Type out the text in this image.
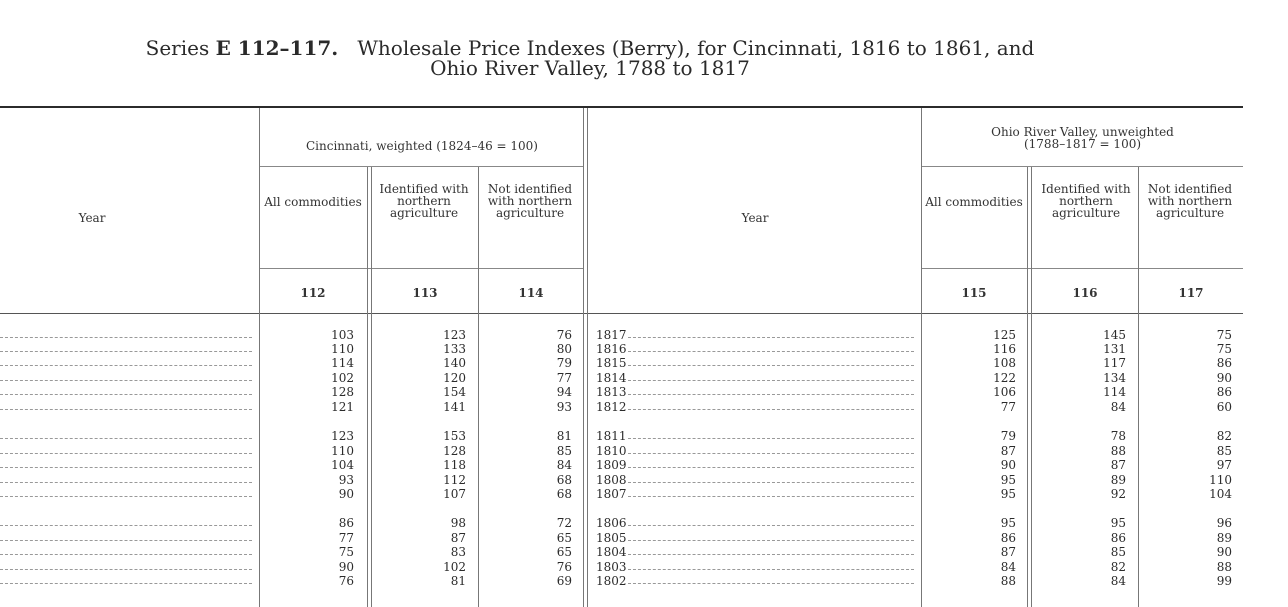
Series E 112–117. Wholesale Price Indexes (Berry), for Cincinnati, 1816 to 1861, and
Ohio River Valley, 1788 to 1817
Year
Cincinnati, weighted (1824–46 = 100)
All commodities
Identified with northern agriculture
Not identified with northern agriculture	Year
Ohio River Valley, unweighted
(1788–1817 = 100)
All commodities
Identified with northern agriculture
Not identified with northern agriculture
112	113	114	115	116	117
103	123	76 1817	125	145	75
110	133	80 1816	116	131	75
114	140	79 1815	108	117	86
102	120	77 1814	122	134	90
128	154	94 1813	106	114	86
121	141	93 1812	77	84	60
123	153	81 1811	79	78	82
110	128	85 1810	87	88	85
104	118	84 1809	90	87	97
93	112	68 1808	95	89	110
90	107	68 1807	95	92	104
86	98	72 1806	95	95	96
77	87	65 1805	86	86	89
75	83	65 1804	87	85	90
90	102	76 1803	84	82	88
76	81	69 1802	88	84	99
